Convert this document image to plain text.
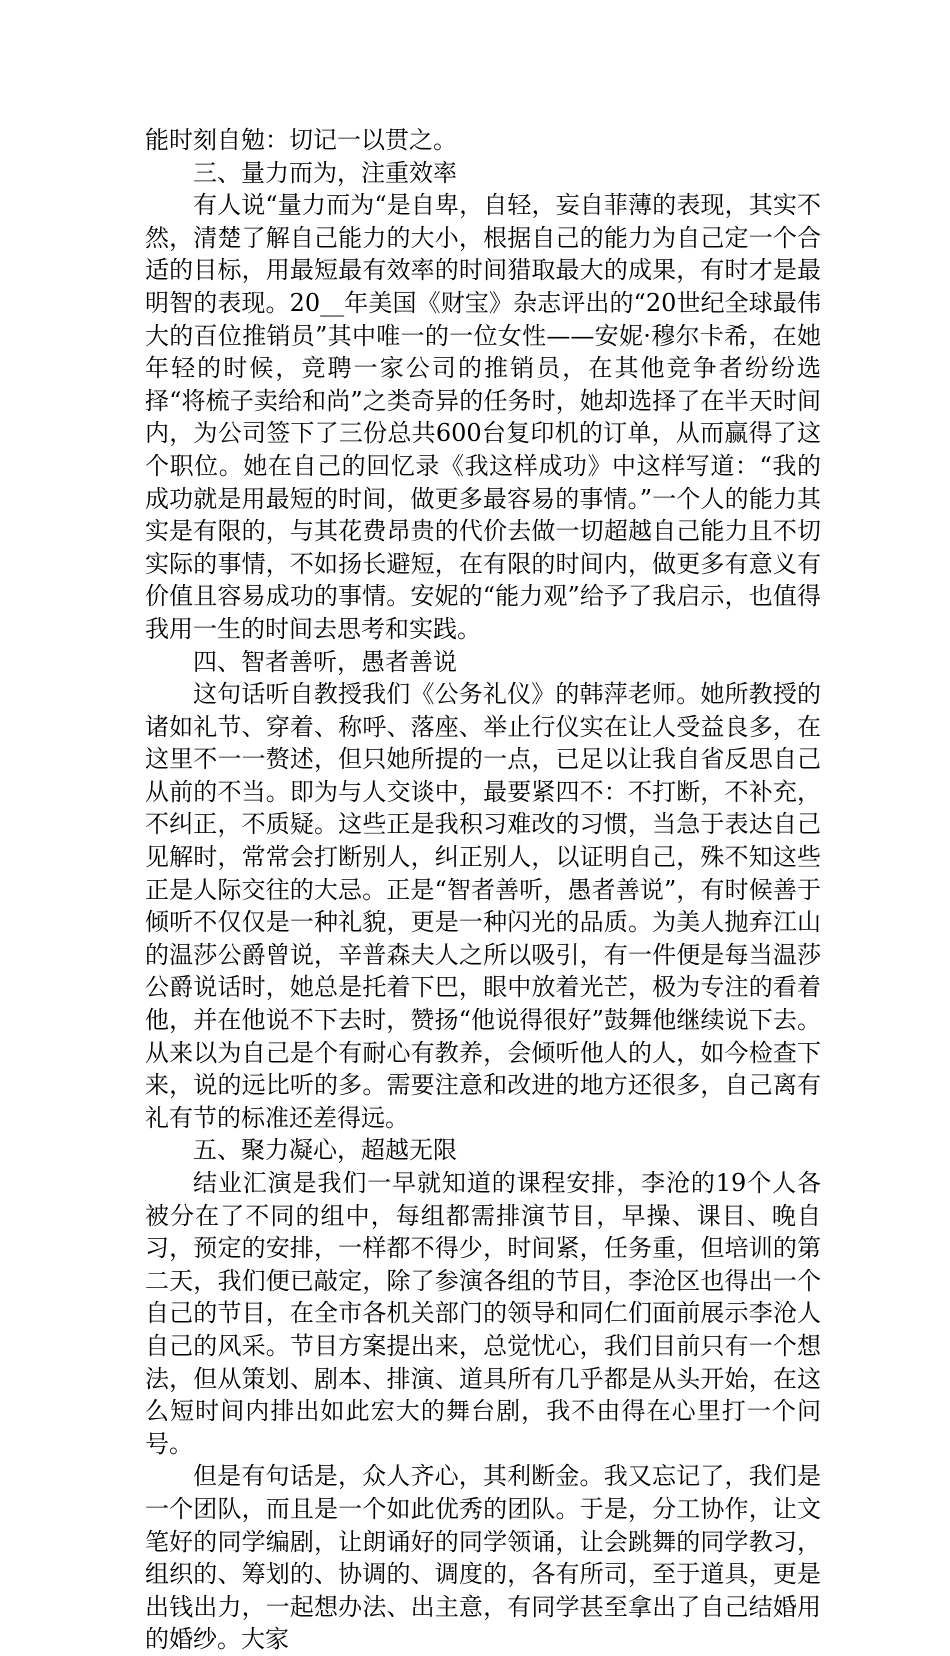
能时刻自勉：切记一以贯之。

三、量力而为，注重效率

有人说“量力而为“是自卑，自轻，妄自菲薄的表现，其实不然，清楚了解自己能力的大小，根据自己的能力为自己定一个合适的目标，用最短最有效率的时间猎取最大的成果，有时才是最明智的表现。20__年美国《财宝》杂志评出的“20世纪全球最伟大的百位推销员”其中唯一的一位女性——安妮·穆尔卡希，在她年轻的时候，竞聘一家公司的推销员，在其他竞争者纷纷选择“将梳子卖给和尚”之类奇异的任务时，她却选择了在半天时间内，为公司签下了三份总共600台复印机的订单，从而赢得了这个职位。她在自己的回忆录《我这样成功》中这样写道：“我的成功就是用最短的时间，做更多最容易的事情。”一个人的能力其实是有限的，与其花费昂贵的代价去做一切超越自己能力且不切实际的事情，不如扬长避短，在有限的时间内，做更多有意义有价值且容易成功的事情。安妮的“能力观”给予了我启示，也值得我用一生的时间去思考和实践。

四、智者善听，愚者善说

这句话听自教授我们《公务礼仪》的韩萍老师。她所教授的诸如礼节、穿着、称呼、落座、举止行仪实在让人受益良多，在这里不一一赘述，但只她所提的一点，已足以让我自省反思自己从前的不当。即为与人交谈中，最要紧四不：不打断，不补充，不纠正，不质疑。这些正是我积习难改的习惯，当急于表达自己见解时，常常会打断别人，纠正别人，以证明自己，殊不知这些正是人际交往的大忌。正是“智者善听，愚者善说”，有时候善于倾听不仅仅是一种礼貌，更是一种闪光的品质。为美人抛弃江山的温莎公爵曾说，辛普森夫人之所以吸引，有一件便是每当温莎公爵说话时，她总是托着下巴，眼中放着光芒，极为专注的看着他，并在他说不下去时，赞扬“他说得很好”鼓舞他继续说下去。从来以为自己是个有耐心有教养，会倾听他人的人，如今检查下来，说的远比听的多。需要注意和改进的地方还很多，自己离有礼有节的标准还差得远。

五、聚力凝心，超越无限

结业汇演是我们一早就知道的课程安排，李沧的19个人各被分在了不同的组中，每组都需排演节目，早操、课目、晚自习，预定的安排，一样都不得少，时间紧，任务重，但培训的第二天，我们便已敲定，除了参演各组的节目，李沧区也得出一个自己的节目，在全市各机关部门的领导和同仁们面前展示李沧人自己的风采。节目方案提出来，总觉忧心，我们目前只有一个想法，但从策划、剧本、排演、道具所有几乎都是从头开始，在这么短时间内排出如此宏大的舞台剧，我不由得在心里打一个问号。

但是有句话是，众人齐心，其利断金。我又忘记了，我们是一个团队，而且是一个如此优秀的团队。于是，分工协作，让文笔好的同学编剧，让朗诵好的同学领诵，让会跳舞的同学教习，组织的、筹划的、协调的、调度的，各有所司，至于道具，更是出钱出力，一起想办法、出主意，有同学甚至拿出了自己结婚用的婚纱。大家
